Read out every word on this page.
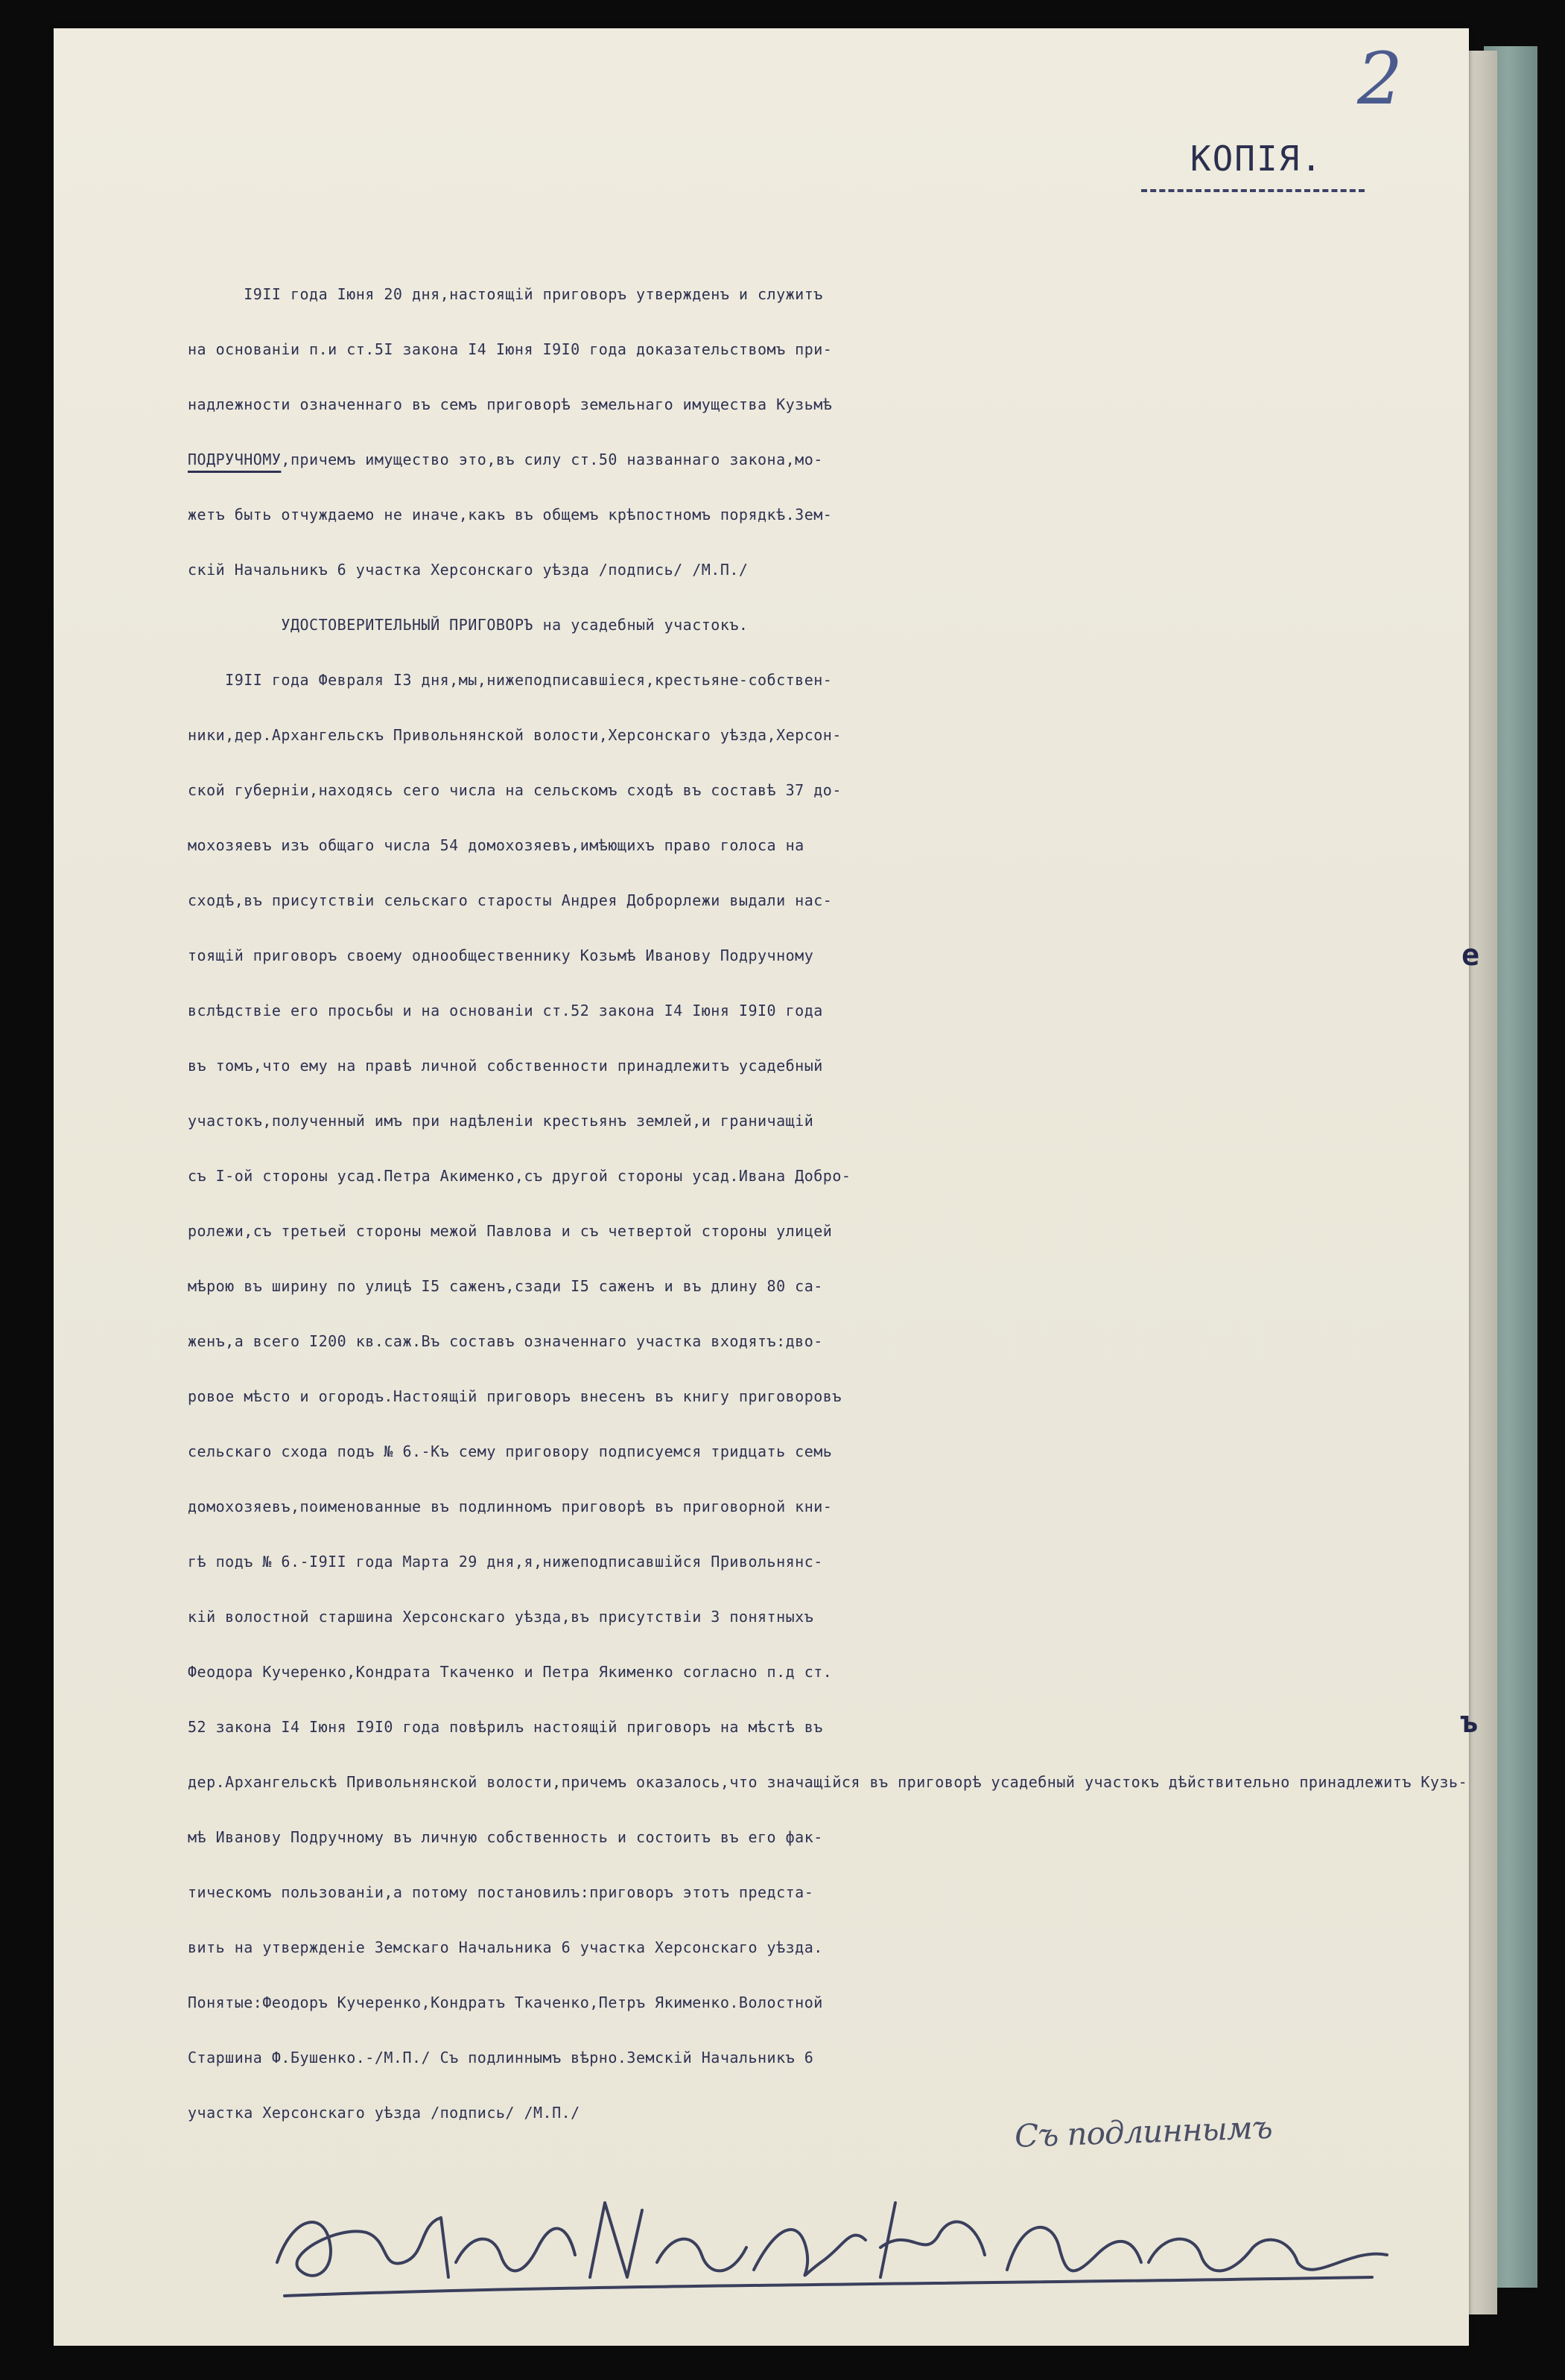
2
КОПІЯ.
I9II года Іюня 20 дня,настоящій приговоръ утвержденъ и служитъ
на основаніи п.и ст.5I закона I4 Іюня I9I0 года доказательствомъ при-
надлежности означеннаго въ семъ приговорѣ земельнаго имущества Кузьмѣ
ПОДРУЧНОМУ,причемъ имущество это,въ силу ст.50 названнаго закона,мо-
жетъ быть отчуждаемо не иначе,какъ въ общемъ крѣпостномъ порядкѣ.Зем-
скій Начальникъ 6 участка Херсонскаго уѣзда /подпись/ /М.П./
УДОСТОВЕРИТЕЛЬНЫЙ ПРИГОВОРЪ на усадебный участокъ.
I9II года Февраля I3 дня,мы,нижеподписавшіеся,крестьяне-собствен-
ники,дер.Архангельскъ Привольнянской волости,Херсонскаго уѣзда,Херсон-
ской губерніи,находясь сего числа на сельскомъ сходѣ въ составѣ 37 до-
мохозяевъ изъ общаго числа 54 домохозяевъ,имѣющихъ право голоса на
сходѣ,въ присутствіи сельскаго старосты Андрея Доброрлежи выдали нас-
тоящій приговоръ своему однообщественнику Козьмѣ Иванову Подручному
вслѣдствіе его просьбы и на основаніи ст.52 закона I4 Іюня I9I0 года
въ томъ,что ему на правѣ личной собственности принадлежитъ усадебный
участокъ,полученный имъ при надѣленіи крестьянъ землей,и граничащій
съ I-ой стороны усад.Петра Акименко,съ другой стороны усад.Ивана Добро-
ролежи,съ третьей стороны межой Павлова и съ четвертой стороны улицей
мѣрою въ ширину по улицѣ I5 саженъ,сзади I5 саженъ и въ длину 80 са-
женъ,а всего I200 кв.саж.Въ составъ означеннаго участка входятъ:дво-
ровое мѣсто и огородъ.Настоящій приговоръ внесенъ въ книгу приговоровъ
сельскаго схода подъ № 6.-Къ сему приговору подписуемся тридцать семь
домохозяевъ,поименованные въ подлинномъ приговорѣ въ приговорной кни-
гѣ подъ № 6.-I9II года Марта 29 дня,я,нижеподписавшійся Привольнянс-
кій волостной старшина Херсонскаго уѣзда,въ присутствіи 3 понятныхъ
Феодора Кучеренко,Кондрата Ткаченко и Петра Якименко согласно п.д ст.
52 закона I4 Іюня I9I0 года повѣрилъ настоящій приговоръ на мѣстѣ въ
дер.Архангельскѣ Привольнянской волости,причемъ оказалось,что значащійся въ приговорѣ усадебный участокъ дѣйствительно принадлежитъ Кузь-
мѣ Иванову Подручному въ личную собственность и состоитъ въ его фак-
тическомъ пользованіи,а потому постановилъ:приговоръ этотъ предста-
вить на утвержденіе Земскаго Начальника 6 участка Херсонскаго уѣзда.
Понятые:Феодоръ Кучеренко,Кондратъ Ткаченко,Петръ Якименко.Волостной
Старшина Ф.Бушенко.-/М.П./ Съ подлиннымъ вѣрно.Земскій Начальникъ 6
участка Херсонскаго уѣзда /подпись/ /М.П./	Съ подлиннымъ
е
ъ
